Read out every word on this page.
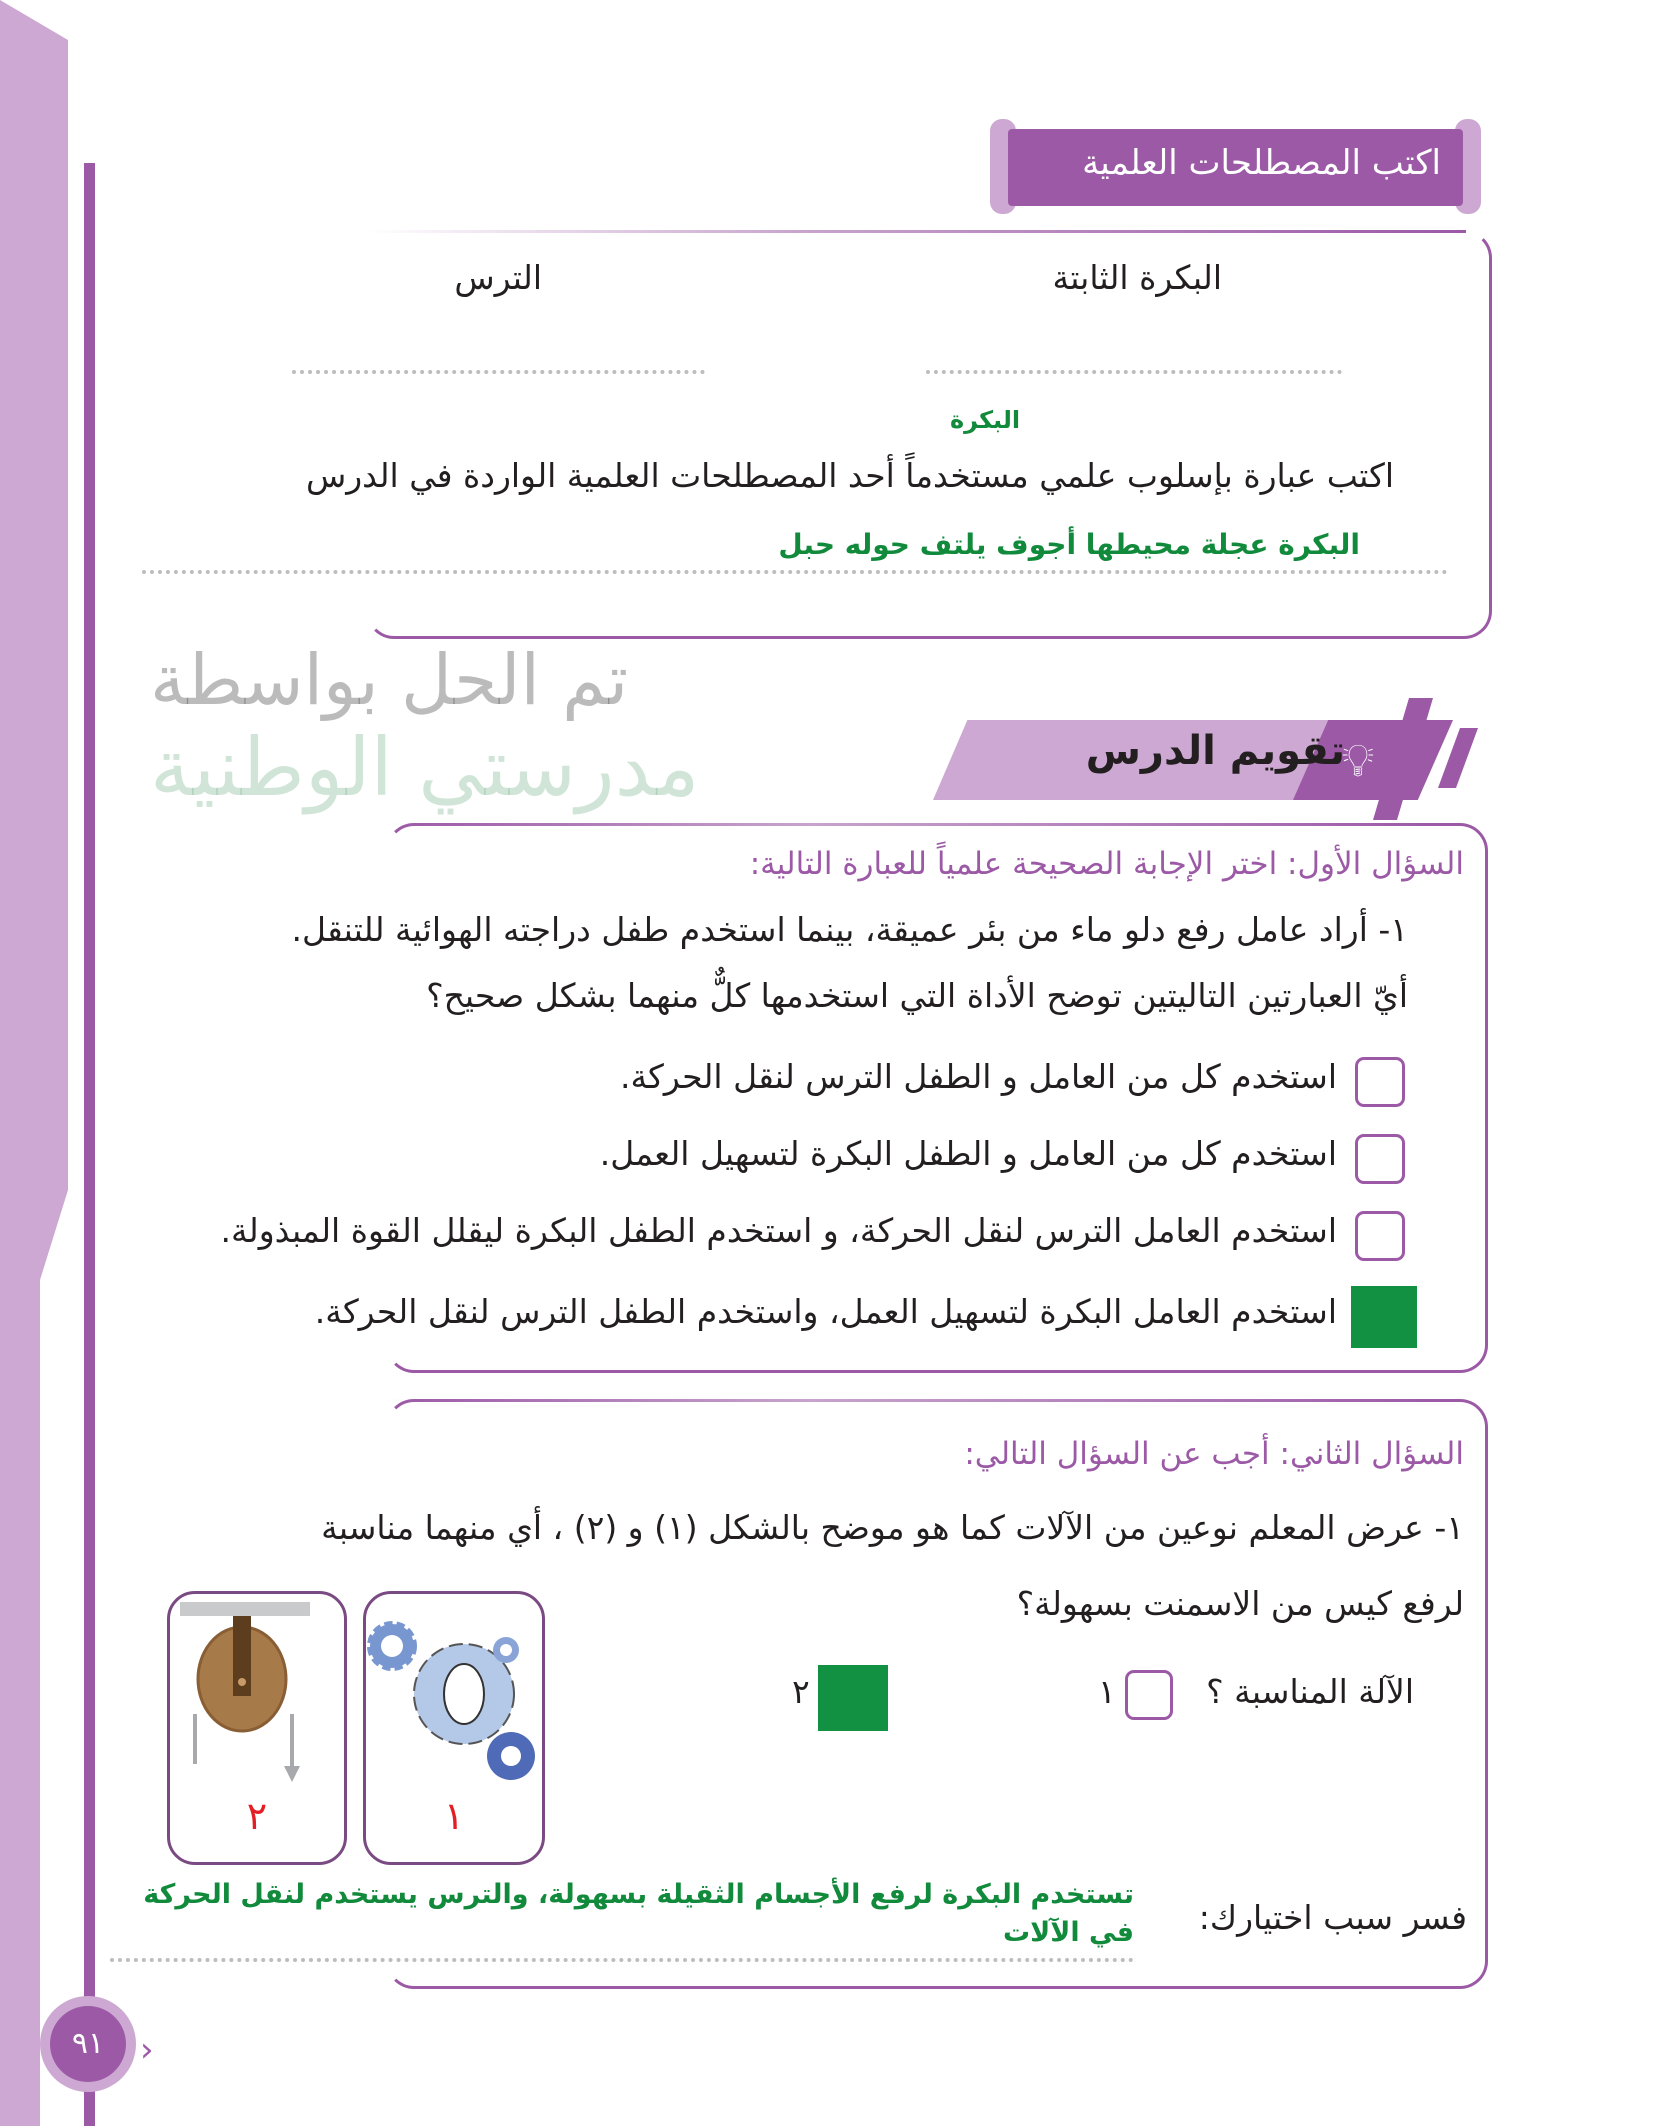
اكتب المصطلحات العلمية
البكرة الثابتة
الترس
البكرة
اكتب عبارة بإسلوب علمي مستخدماً أحد المصطلحات العلمية الواردة في الدرس
البكرة عجلة محيطها أجوف يلتف حوله حبل
تم الحل بواسطة
مدرستي الوطنية	💡︎
تقويم الدرس
السؤال الأول: اختر الإجابة الصحيحة علمياً للعبارة التالية:
١- أراد عامل رفع دلو ماء من بئر عميقة، بينما استخدم طفل دراجته الهوائية للتنقل.
أيّ العبارتين التاليتين توضح الأداة التي استخدمها كلٌّ منهما بشكل صحيح؟
استخدم كل من العامل و الطفل الترس لنقل الحركة.
استخدم كل من العامل و الطفل البكرة لتسهيل العمل.
استخدم العامل الترس لنقل الحركة، و استخدم الطفل البكرة ليقلل القوة المبذولة.
استخدم العامل البكرة لتسهيل العمل، واستخدم الطفل الترس لنقل الحركة.
السؤال الثاني: أجب عن السؤال التالي:
١- عرض المعلم نوعين من الآلات كما هو موضح بالشكل (١) و (٢) ، أي منهما مناسبة
لرفع كيس من الاسمنت بسهولة؟
الآلة المناسبة ؟
١
٢
٢	١
فسر سبب اختيارك:
تستخدم البكرة لرفع الأجسام الثقيلة بسهولة، والترس يستخدم لنقل الحركة في الآلات
٩١	›
